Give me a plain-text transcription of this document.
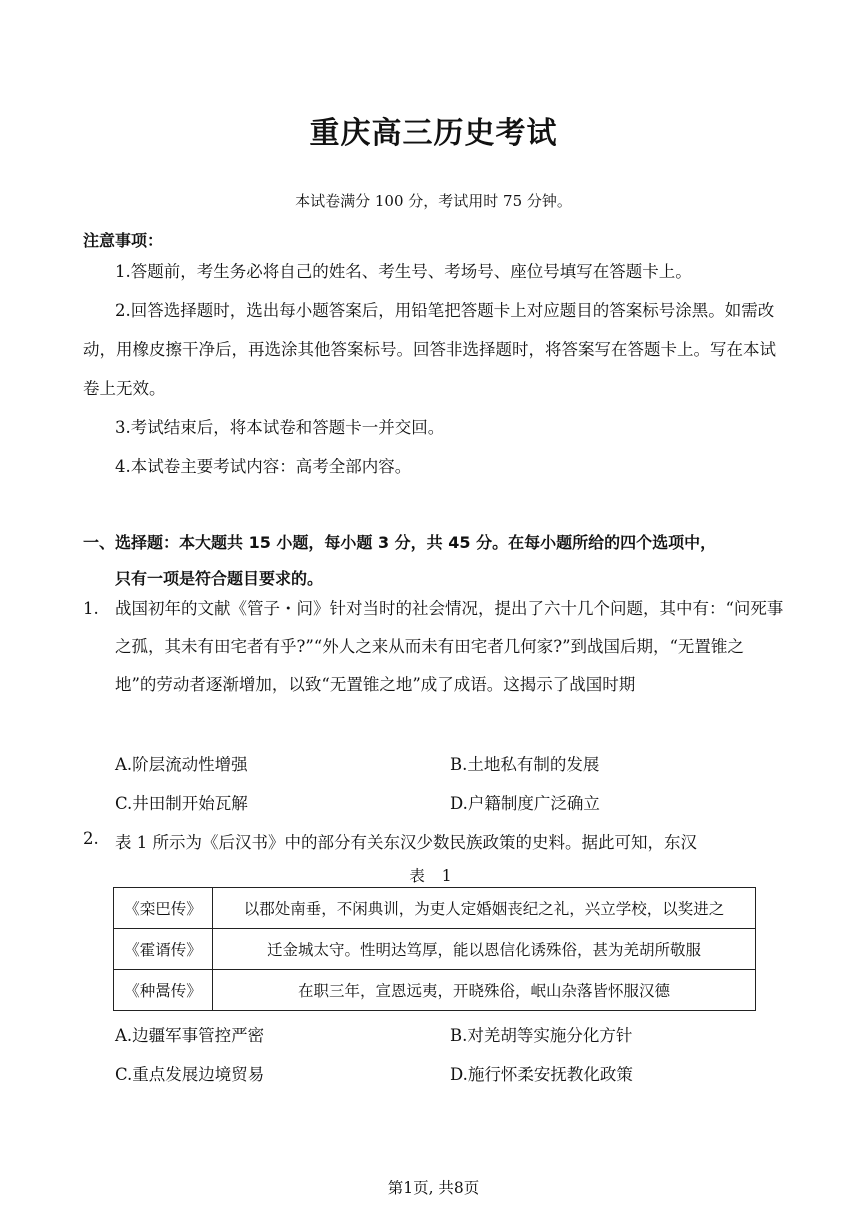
重庆高三历史考试
本试卷满分 100 分，考试用时 75 分钟。
注意事项：
1.答题前，考生务必将自己的姓名、考生号、考场号、座位号填写在答题卡上。
2.回答选择题时，选出每小题答案后，用铅笔把答题卡上对应题目的答案标号涂黑。如需改动，用橡皮擦干净后，再选涂其他答案标号。回答非选择题时，将答案写在答题卡上。写在本试卷上无效。
3.考试结束后，将本试卷和答题卡一并交回。
4.本试卷主要考试内容：高考全部内容。
一、选择题：本大题共 15 小题，每小题 3 分，共 45 分。在每小题所给的四个选项中，
只有一项是符合题目要求的。
1. 战国初年的文献《管子・问》针对当时的社会情况，提出了六十几个问题，其中有：“问死事之孤，其未有田宅者有乎?”“外人之来从而未有田宅者几何家?”到战国后期，“无置锥之地”的劳动者逐渐增加，以致“无置锥之地”成了成语。这揭示了战国时期
A.阶层流动性增强	B.土地私有制的发展
C.井田制开始瓦解	D.户籍制度广泛确立
2. 表 1 所示为《后汉书》中的部分有关东汉少数民族政策的史料。据此可知，东汉
表 1
《栾巴传》	以郡处南垂，不闲典训，为吏人定婚姻丧纪之礼，兴立学校，以奖进之
《霍谞传》	迁金城太守。性明达笃厚，能以恩信化诱殊俗，甚为羌胡所敬服
《种暠传》	在职三年，宣恩远夷，开晓殊俗，岷山杂落皆怀服汉德
A.边疆军事管控严密	B.对羌胡等实施分化方针
C.重点发展边境贸易	D.施行怀柔安抚教化政策
第1页, 共8页
